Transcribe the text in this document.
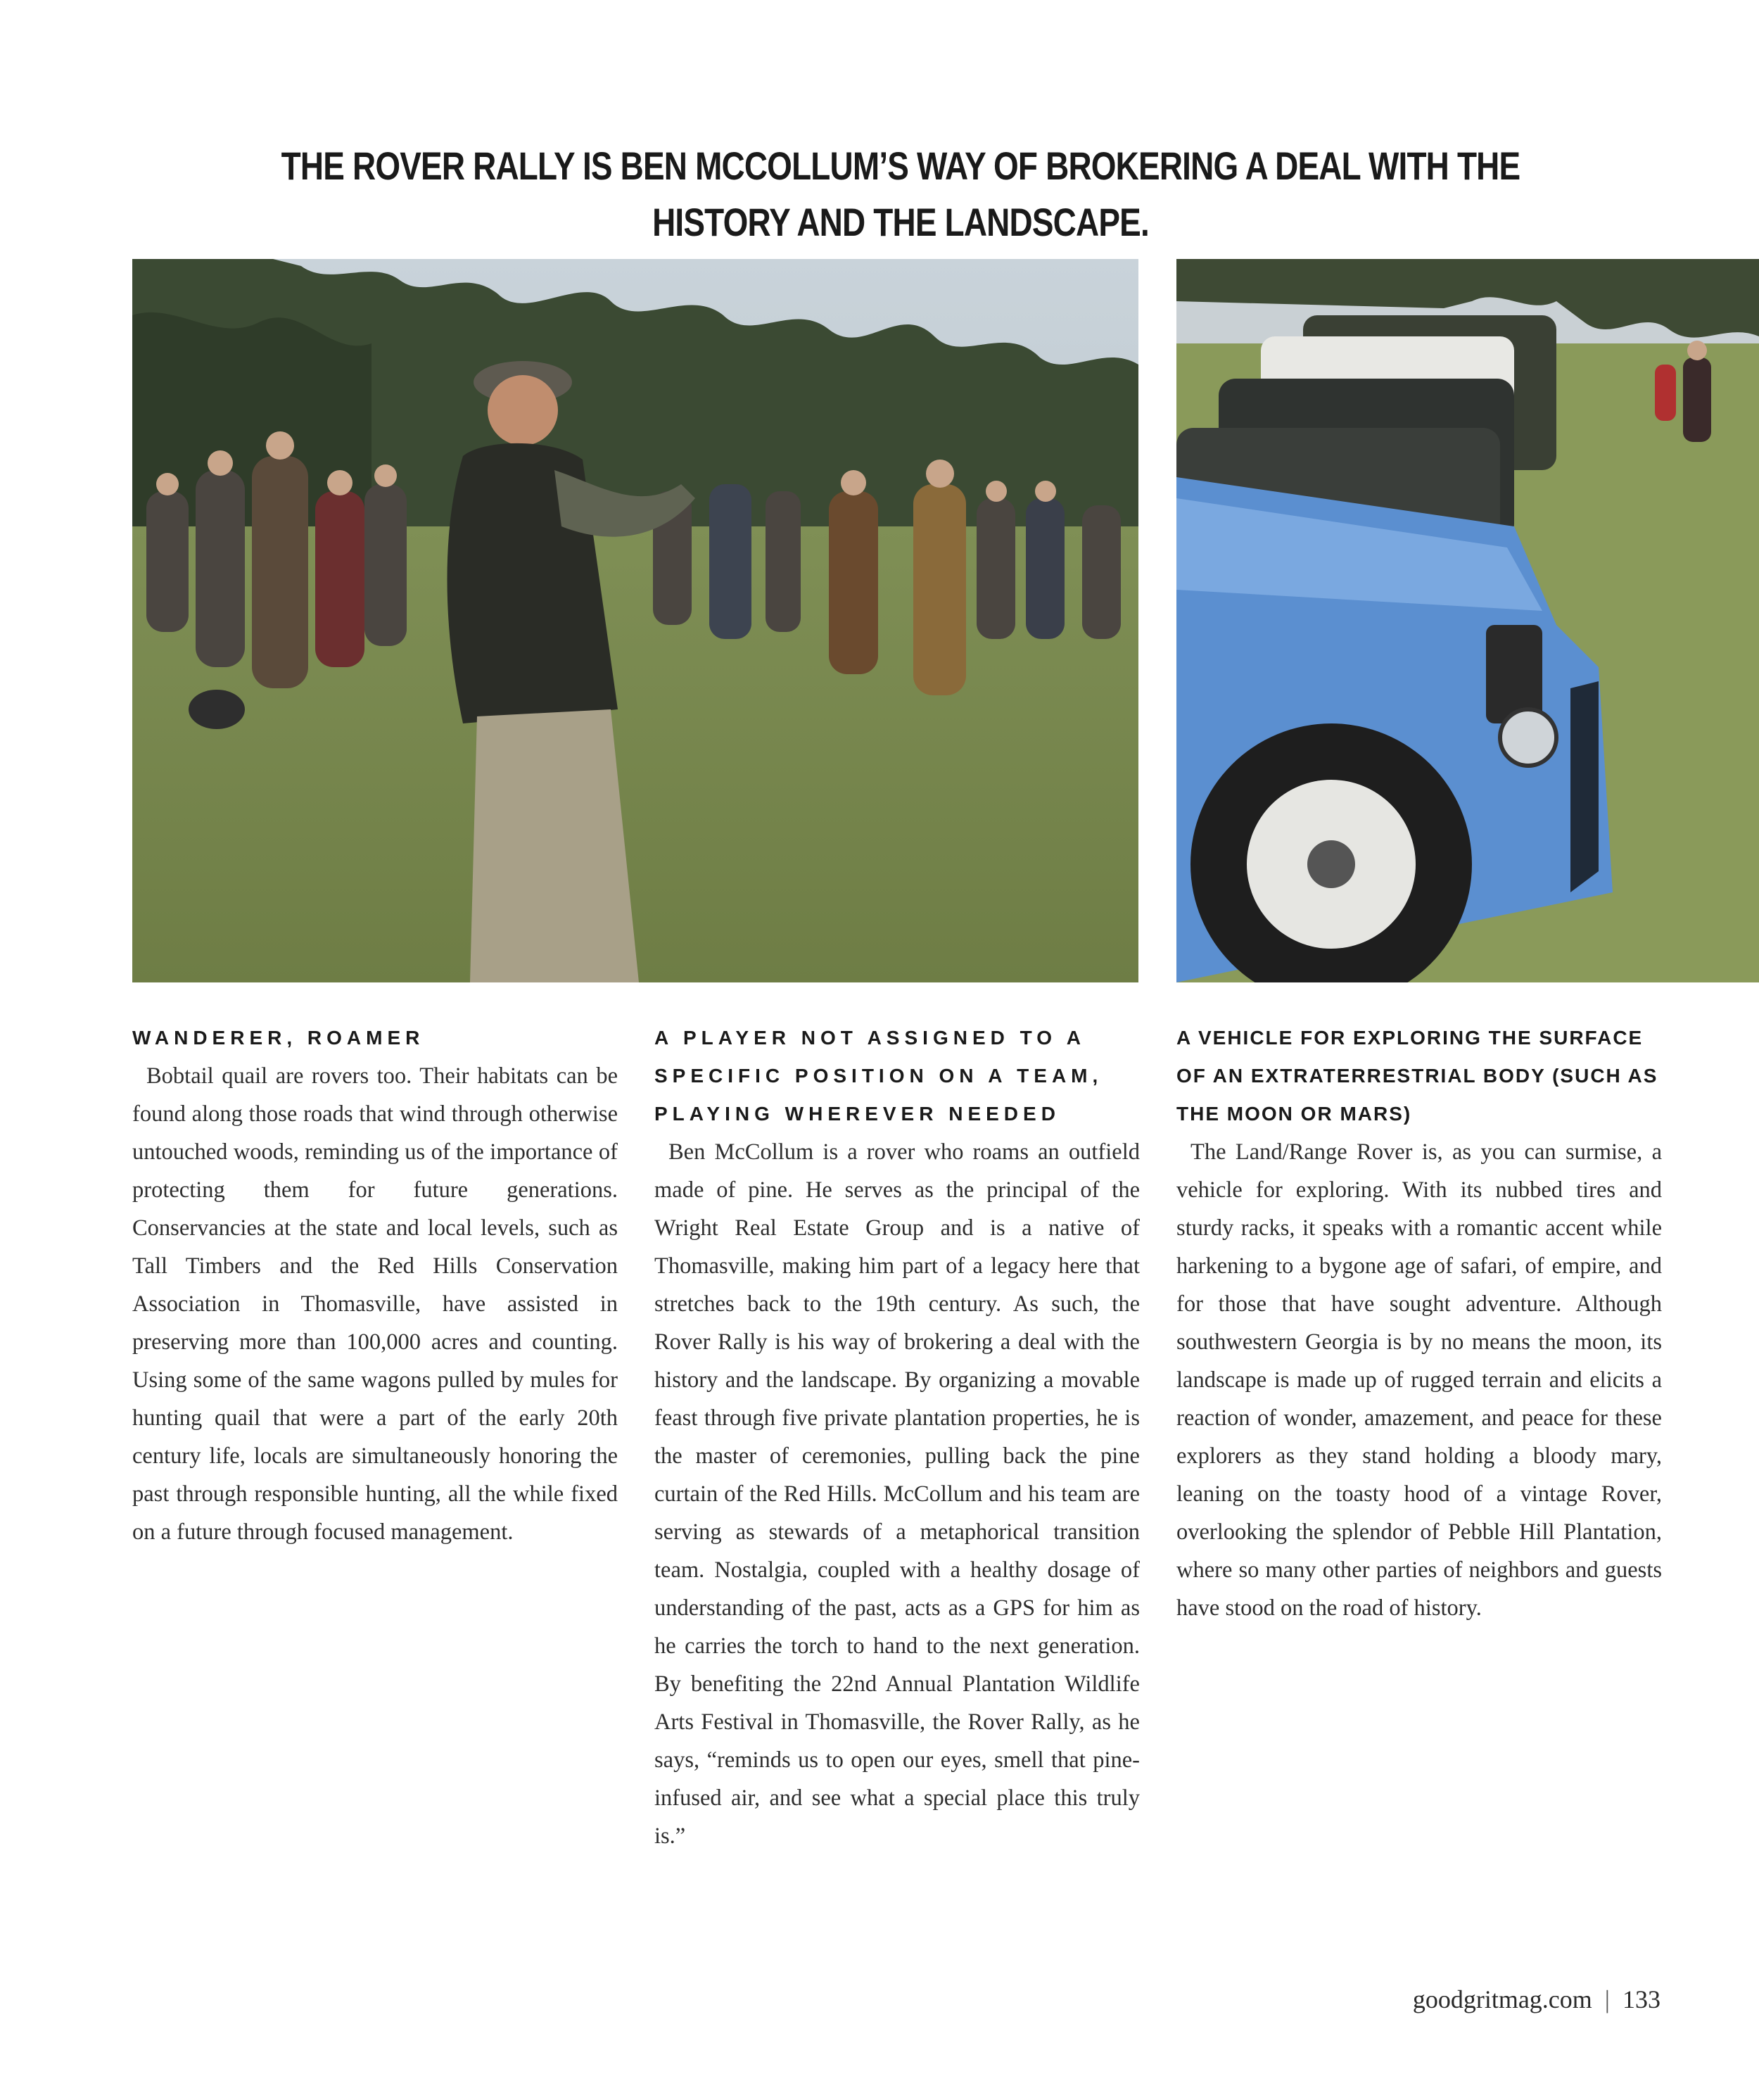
THE ROVER RALLY IS BEN MCCOLLUM’S WAY OF BROKERING A DEAL WITH THE HISTORY AND THE LANDSCAPE.
WANDERER, ROAMER

Bobtail quail are rovers too. Their habitats can be found along those roads that wind through otherwise untouched woods, reminding us of the importance of protecting them for future generations. Conservancies at the state and local levels, such as Tall Timbers and the Red Hills Conservation Association in Thomasville, have assisted in preserving more than 100,000 acres and counting. Using some of the same wagons pulled by mules for hunting quail that were a part of the early 20th century life, locals are simultaneously honoring the past through responsible hunting, all the while fixed on a future through focused management.

A PLAYER NOT ASSIGNED TO A SPECIFIC POSITION ON A TEAM, PLAYING WHEREVER NEEDED

Ben McCollum is a rover who roams an outfield made of pine. He serves as the principal of the Wright Real Estate Group and is a native of Thomasville, making him part of a legacy here that stretches back to the 19th century. As such, the Rover Rally is his way of brokering a deal with the history and the landscape. By organizing a movable feast through five private plantation properties, he is the master of ceremonies, pulling back the pine curtain of the Red Hills. McCollum and his team are serving as stewards of a metaphorical transition team. Nostalgia, coupled with a healthy dosage of understanding of the past, acts as a GPS for him as he carries the torch to hand to the next generation. By benefiting the 22nd Annual Plantation Wildlife Arts Festival in Thomasville, the Rover Rally, as he says, “reminds us to open our eyes, smell that pine-infused air, and see what a special place this truly is.”

A VEHICLE FOR EXPLORING THE SURFACE OF AN EXTRATERRESTRIAL BODY (SUCH AS THE MOON OR MARS)

The Land/Range Rover is, as you can surmise, a vehicle for exploring. With its nubbed tires and sturdy racks, it speaks with a romantic accent while harkening to a bygone age of safari, of empire, and for those that have sought adventure. Although southwestern Georgia is by no means the moon, its landscape is made up of rugged terrain and elicits a reaction of wonder, amazement, and peace for these explorers as they stand holding a bloody mary, leaning on the toasty hood of a vintage Rover, overlooking the splendor of Pebble Hill Plantation, where so many other parties of neighbors and guests have stood on the road of history.

goodgritmag.com | 133
